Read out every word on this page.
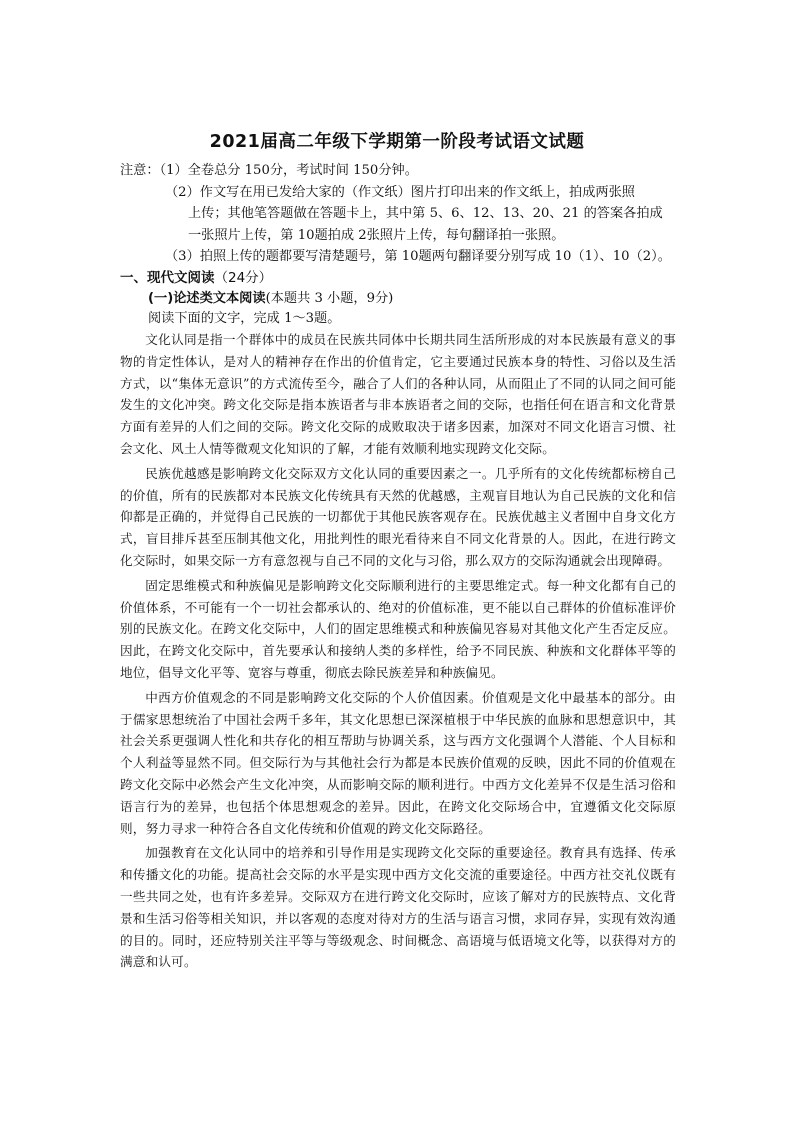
2021届高二年级下学期第一阶段考试语文试题
注意：（1）全卷总分 150分，考试时间 150分钟。
（2）作文写在用已发给大家的（作文纸）图片打印出来的作文纸上，拍成两张照
上传；其他笔答题做在答题卡上，其中第 5、6、12、13、20、21 的答案各拍成
一张照片上传，第 10题拍成 2张照片上传，每句翻译拍一张照。
（3）拍照上传的题都要写清楚题号，第 10题两句翻译要分别写成 10（1）、10（2）。
一、现代文阅读（24分）
(一)论述类文本阅读(本题共 3 小题，9分)
阅读下面的文字，完成 1～3题。

文化认同是指一个群体中的成员在民族共同体中长期共同生活所形成的对本民族最有意义的事物的肯定性体认，是对人的精神存在作出的价值肯定，它主要通过民族本身的特性、习俗以及生活方式，以“集体无意识”的方式流传至今，融合了人们的各种认同，从而阻止了不同的认同之间可能发生的文化冲突。跨文化交际是指本族语者与非本族语者之间的交际，也指任何在语言和文化背景方面有差异的人们之间的交际。跨文化交际的成败取决于诸多因素，加深对不同文化语言习惯、社会文化、风土人情等微观文化知识的了解，才能有效顺利地实现跨文化交际。

民族优越感是影响跨文化交际双方文化认同的重要因素之一。几乎所有的文化传统都标榜自己的价值，所有的民族都对本民族文化传统具有天然的优越感，主观盲目地认为自己民族的文化和信仰都是正确的，并觉得自己民族的一切都优于其他民族客观存在。民族优越主义者囿中自身文化方式，盲目排斥甚至压制其他文化，用批判性的眼光看待来自不同文化背景的人。因此，在进行跨文化交际时，如果交际一方有意忽视与自己不同的文化与习俗，那么双方的交际沟通就会出现障碍。

固定思维模式和种族偏见是影响跨文化交际顺利进行的主要思维定式。每一种文化都有自己的价值体系，不可能有一个一切社会都承认的、绝对的价值标准，更不能以自己群体的价值标准评价别的民族文化。在跨文化交际中，人们的固定思维模式和种族偏见容易对其他文化产生否定反应。因此，在跨文化交际中，首先要承认和接纳人类的多样性，给予不同民族、种族和文化群体平等的地位，倡导文化平等、宽容与尊重，彻底去除民族差异和种族偏见。

中西方价值观念的不同是影响跨文化交际的个人价值因素。价值观是文化中最基本的部分。由于儒家思想统治了中国社会两千多年，其文化思想已深深植根于中华民族的血脉和思想意识中，其社会关系更强调人性化和共存化的相互帮助与协调关系，这与西方文化强调个人潜能、个人目标和个人利益等显然不同。但交际行为与其他社会行为都是本民族价值观的反映，因此不同的价值观在跨文化交际中必然会产生文化冲突，从而影响交际的顺利进行。中西方文化差异不仅是生活习俗和语言行为的差异，也包括个体思想观念的差异。因此，在跨文化交际场合中，宜遵循文化交际原则，努力寻求一种符合各自文化传统和价值观的跨文化交际路径。

加强教育在文化认同中的培养和引导作用是实现跨文化交际的重要途径。教育具有选择、传承和传播文化的功能。提高社会交际的水平是实现中西方文化交流的重要途径。中西方社交礼仪既有一些共同之处，也有许多差异。交际双方在进行跨文化交际时，应该了解对方的民族特点、文化背景和生活习俗等相关知识，并以客观的态度对待对方的生活与语言习惯，求同存异，实现有效沟通的目的。同时，还应特别关注平等与等级观念、时间概念、高语境与低语境文化等，以获得对方的满意和认可。
